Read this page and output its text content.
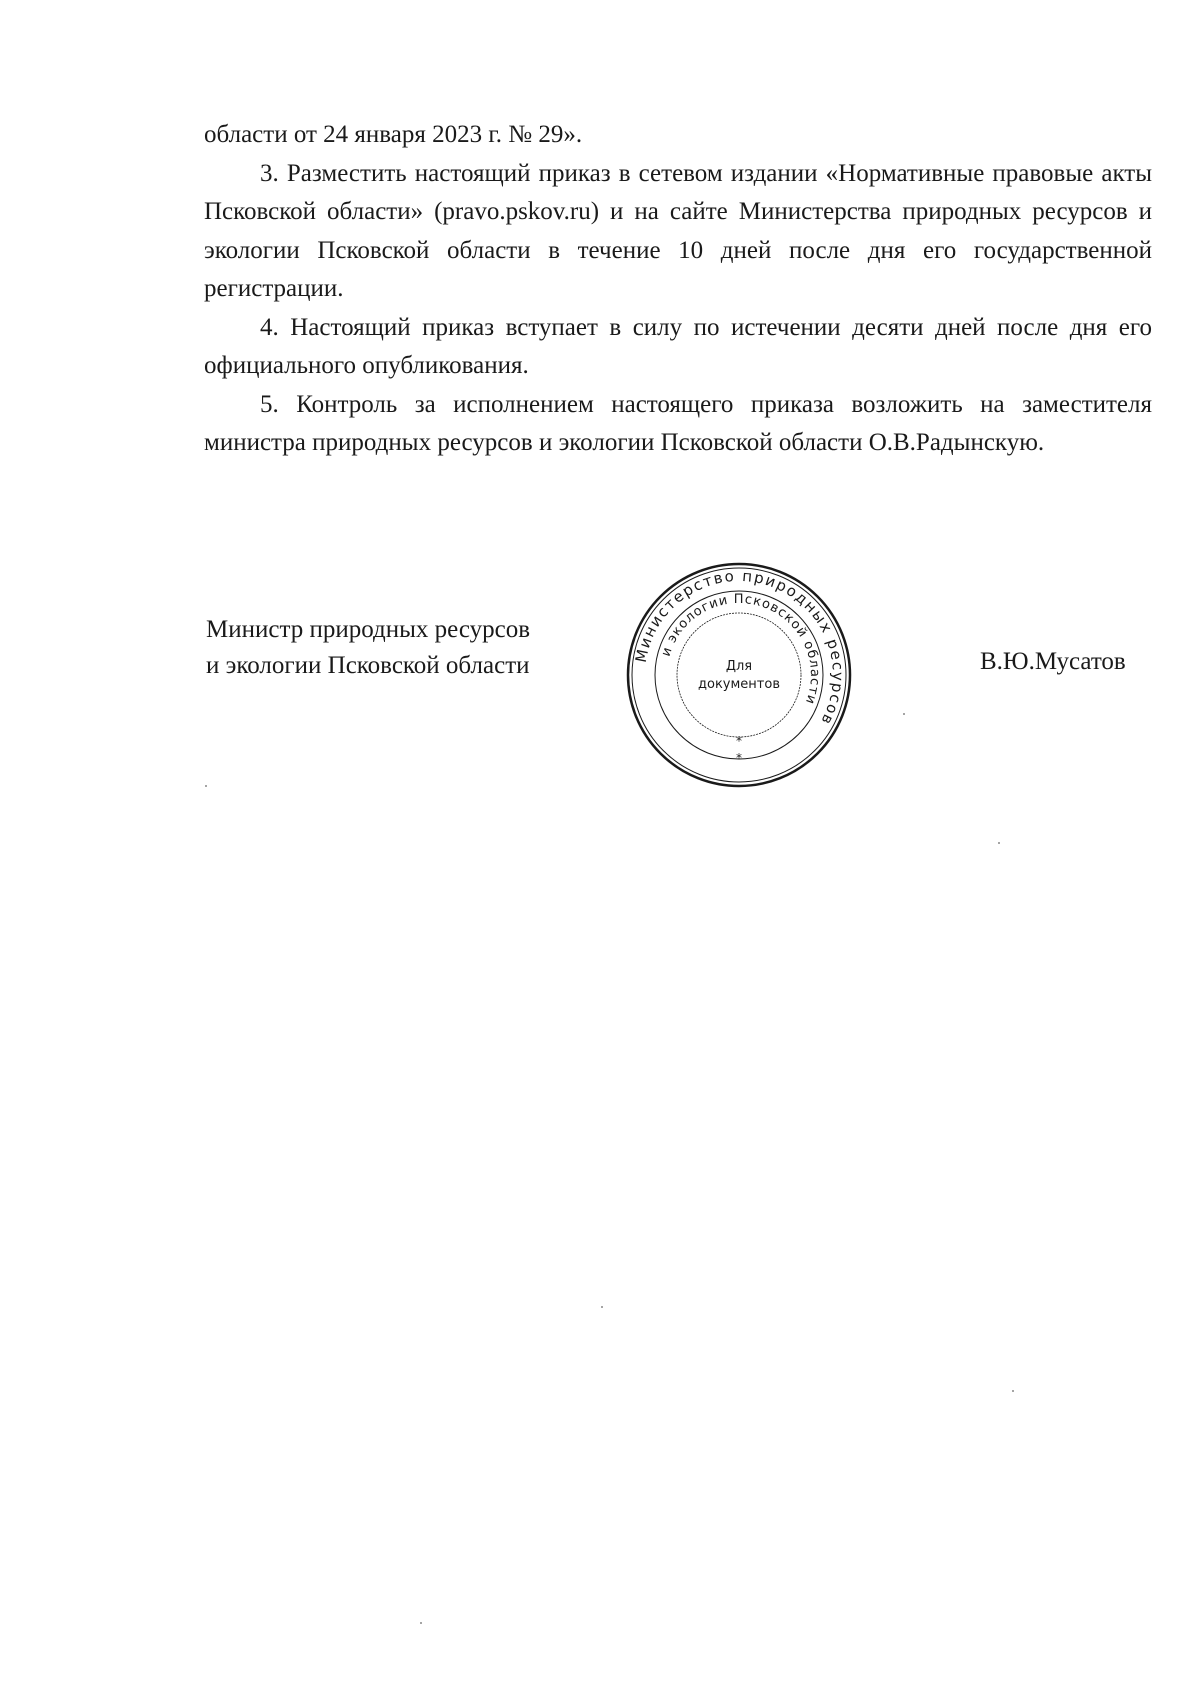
области от 24 января 2023 г. № 29».

3. Разместить настоящий приказ в сетевом издании «Нормативные правовые акты Псковской области» (pravo.pskov.ru) и на сайте Министерства природных ресурсов и экологии Псковской области в течение 10 дней после дня его государственной регистрации.

4. Настоящий приказ вступает в силу по истечении десяти дней после дня его официального опубликования.

5. Контроль за исполнением настоящего приказа возложить на заместителя министра природных ресурсов и экологии Псковской области О.В.Радынскую.

Министр природных ресурсов
и экологии Псковской области	В.Ю.Мусатов
Министерство природных ресурсов
и экологии Псковской области
Для
документов
*
*
